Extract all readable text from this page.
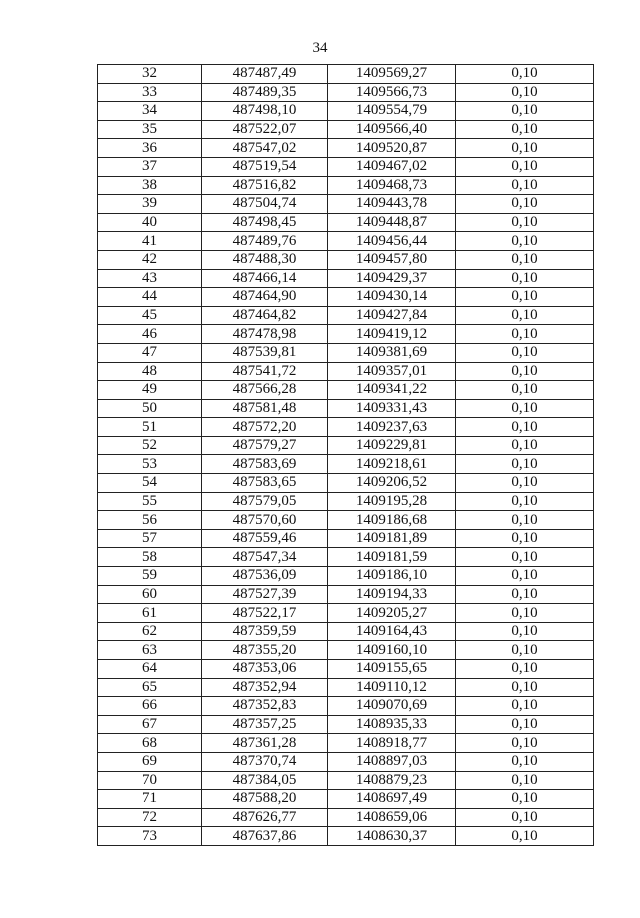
34
32	487487,49	1409569,27	0,10
33	487489,35	1409566,73	0,10
34	487498,10	1409554,79	0,10
35	487522,07	1409566,40	0,10
36	487547,02	1409520,87	0,10
37	487519,54	1409467,02	0,10
38	487516,82	1409468,73	0,10
39	487504,74	1409443,78	0,10
40	487498,45	1409448,87	0,10
41	487489,76	1409456,44	0,10
42	487488,30	1409457,80	0,10
43	487466,14	1409429,37	0,10
44	487464,90	1409430,14	0,10
45	487464,82	1409427,84	0,10
46	487478,98	1409419,12	0,10
47	487539,81	1409381,69	0,10
48	487541,72	1409357,01	0,10
49	487566,28	1409341,22	0,10
50	487581,48	1409331,43	0,10
51	487572,20	1409237,63	0,10
52	487579,27	1409229,81	0,10
53	487583,69	1409218,61	0,10
54	487583,65	1409206,52	0,10
55	487579,05	1409195,28	0,10
56	487570,60	1409186,68	0,10
57	487559,46	1409181,89	0,10
58	487547,34	1409181,59	0,10
59	487536,09	1409186,10	0,10
60	487527,39	1409194,33	0,10
61	487522,17	1409205,27	0,10
62	487359,59	1409164,43	0,10
63	487355,20	1409160,10	0,10
64	487353,06	1409155,65	0,10
65	487352,94	1409110,12	0,10
66	487352,83	1409070,69	0,10
67	487357,25	1408935,33	0,10
68	487361,28	1408918,77	0,10
69	487370,74	1408897,03	0,10
70	487384,05	1408879,23	0,10
71	487588,20	1408697,49	0,10
72	487626,77	1408659,06	0,10
73	487637,86	1408630,37	0,10
